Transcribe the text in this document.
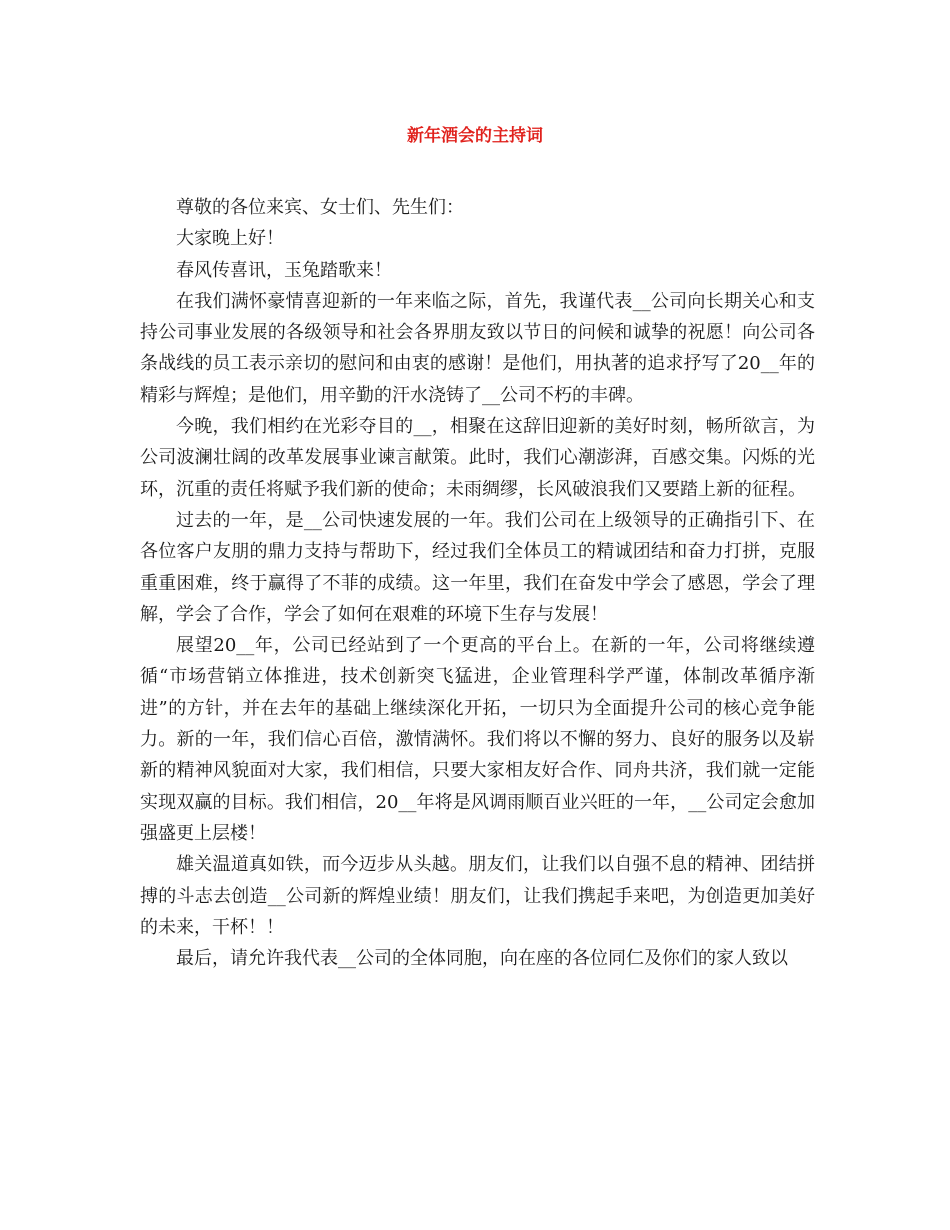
新年酒会的主持词

尊敬的各位来宾、女士们、先生们：

大家晚上好！

春风传喜讯，玉兔踏歌来！

在我们满怀豪情喜迎新的一年来临之际，首先，我谨代表__公司向长期关心和支持公司事业发展的各级领导和社会各界朋友致以节日的问候和诚挚的祝愿！向公司各条战线的员工表示亲切的慰问和由衷的感谢！是他们，用执著的追求抒写了20__年的精彩与辉煌；是他们，用辛勤的汗水浇铸了__公司不朽的丰碑。

今晚，我们相约在光彩夺目的__，相聚在这辞旧迎新的美好时刻，畅所欲言，为公司波澜壮阔的改革发展事业谏言献策。此时，我们心潮澎湃，百感交集。闪烁的光环，沉重的责任将赋予我们新的使命；未雨绸缪，长风破浪我们又要踏上新的征程。

过去的一年，是__公司快速发展的一年。我们公司在上级领导的正确指引下、在各位客户友朋的鼎力支持与帮助下，经过我们全体员工的精诚团结和奋力打拼，克服重重困难，终于赢得了不菲的成绩。这一年里，我们在奋发中学会了感恩，学会了理解，学会了合作，学会了如何在艰难的环境下生存与发展！

展望20__年，公司已经站到了一个更高的平台上。在新的一年，公司将继续遵循“市场营销立体推进，技术创新突飞猛进，企业管理科学严谨，体制改革循序渐进”的方针，并在去年的基础上继续深化开拓，一切只为全面提升公司的核心竞争能力。新的一年，我们信心百倍，激情满怀。我们将以不懈的努力、良好的服务以及崭新的精神风貌面对大家，我们相信，只要大家相友好合作、同舟共济，我们就一定能实现双赢的目标。我们相信，20__年将是风调雨顺百业兴旺的一年，__公司定会愈加强盛更上层楼！

雄关温道真如铁，而今迈步从头越。朋友们，让我们以自强不息的精神、团结拼搏的斗志去创造__公司新的辉煌业绩！朋友们，让我们携起手来吧，为创造更加美好的未来，干杯！！

最后，请允许我代表__公司的全体同胞，向在座的各位同仁及你们的家人致以
